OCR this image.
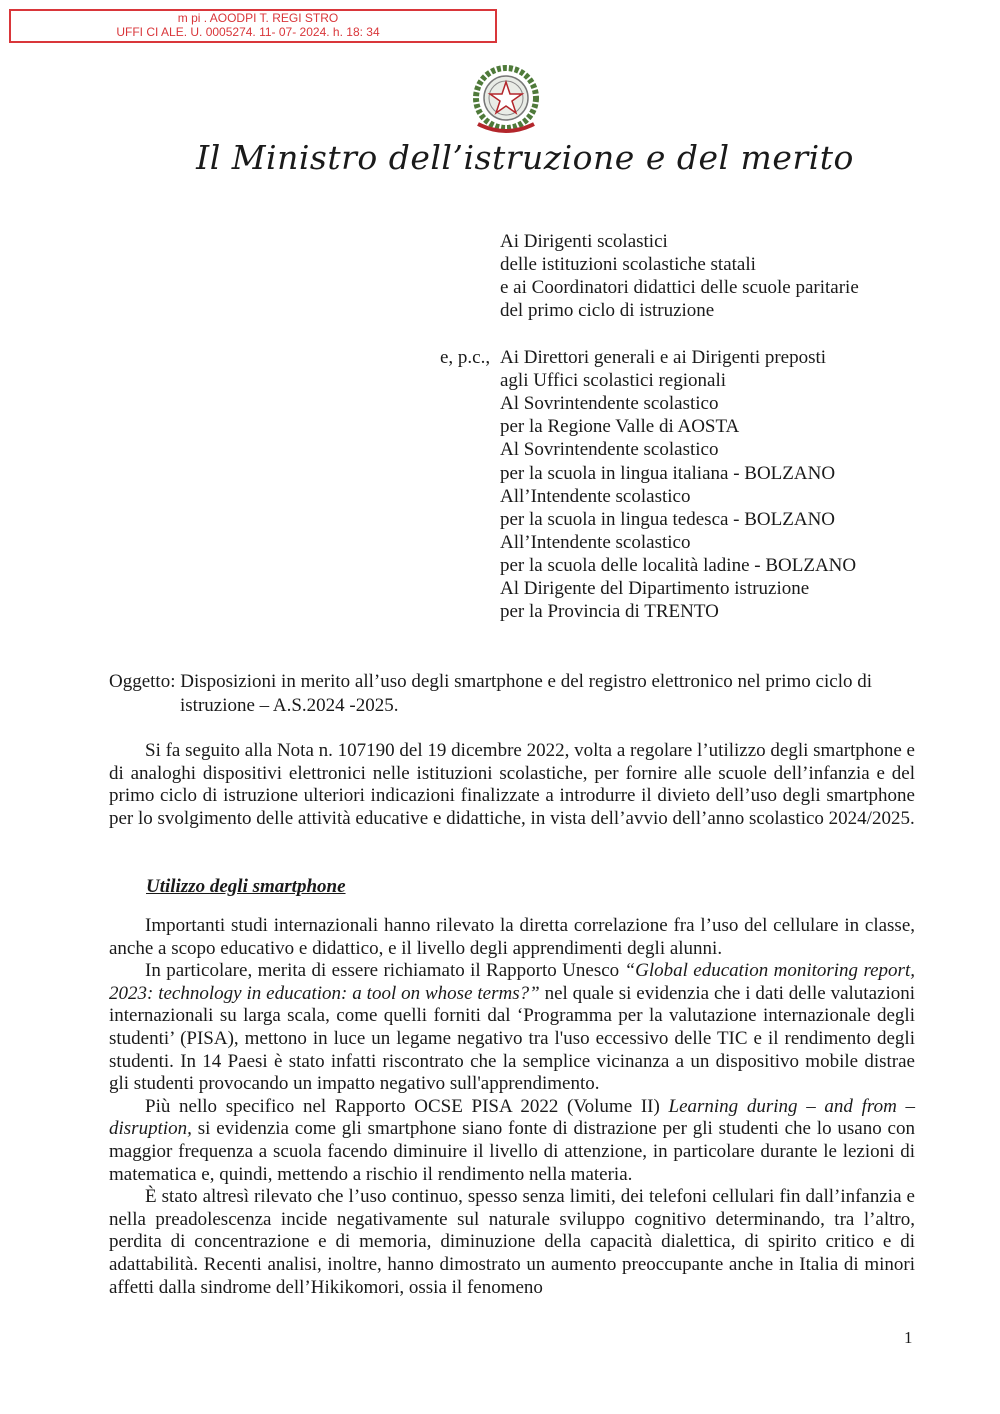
m pi . AOODPI T. REGI STRO
UFFI CI ALE. U. 0005274. 11- 07- 2024. h. 18: 34
Il Ministro dell’istruzione e del merito
Ai Dirigenti scolastici
delle istituzioni scolastiche statali
e ai Coordinatori didattici delle scuole paritarie
del primo ciclo di istruzione
e, p.c., Ai Direttori generali e ai Dirigenti preposti
agli Uffici scolastici regionali
Al Sovrintendente scolastico
per la Regione Valle di AOSTA
Al Sovrintendente scolastico
per la scuola in lingua italiana - BOLZANO
All’Intendente scolastico
per la scuola in lingua tedesca - BOLZANO
All’Intendente scolastico
per la scuola delle località ladine - BOLZANO
Al Dirigente del Dipartimento istruzione
per la Provincia di TRENTO
Oggetto: Disposizioni in merito all’uso degli smartphone e del registro elettronico nel primo ciclo di
istruzione – A.S.2024 -2025.

Si fa seguito alla Nota n. 107190 del 19 dicembre 2022, volta a regolare l’utilizzo degli smartphone e di analoghi dispositivi elettronici nelle istituzioni scolastiche, per fornire alle scuole dell’infanzia e del primo ciclo di istruzione ulteriori indicazioni finalizzate a introdurre il divieto dell’uso degli smartphone per lo svolgimento delle attività educative e didattiche, in vista dell’avvio dell’anno scolastico 2024/2025.

Utilizzo degli smartphone

Importanti studi internazionali hanno rilevato la diretta correlazione fra l’uso del cellulare in classe, anche a scopo educativo e didattico, e il livello degli apprendimenti degli alunni.

In particolare, merita di essere richiamato il Rapporto Unesco “Global education monitoring report, 2023: technology in education: a tool on whose terms?” nel quale si evidenzia che i dati delle valutazioni internazionali su larga scala, come quelli forniti dal ‘Programma per la valutazione internazionale degli studenti’ (PISA), mettono in luce un legame negativo tra l'uso eccessivo delle TIC e il rendimento degli studenti. In 14 Paesi è stato infatti riscontrato che la semplice vicinanza a un dispositivo mobile distrae gli studenti provocando un impatto negativo sull'apprendimento.

Più nello specifico nel Rapporto OCSE PISA 2022 (Volume II) Learning during – and from – disruption, si evidenzia come gli smartphone siano fonte di distrazione per gli studenti che lo usano con maggior frequenza a scuola facendo diminuire il livello di attenzione, in particolare durante le lezioni di matematica e, quindi, mettendo a rischio il rendimento nella materia.

È stato altresì rilevato che l’uso continuo, spesso senza limiti, dei telefoni cellulari fin dall’infanzia e nella preadolescenza incide negativamente sul naturale sviluppo cognitivo determinando, tra l’altro, perdita di concentrazione e di memoria, diminuzione della capacità dialettica, di spirito critico e di adattabilità. Recenti analisi, inoltre, hanno dimostrato un aumento preoccupante anche in Italia di minori affetti dalla sindrome dell’Hikikomori, ossia il fenomeno

1
